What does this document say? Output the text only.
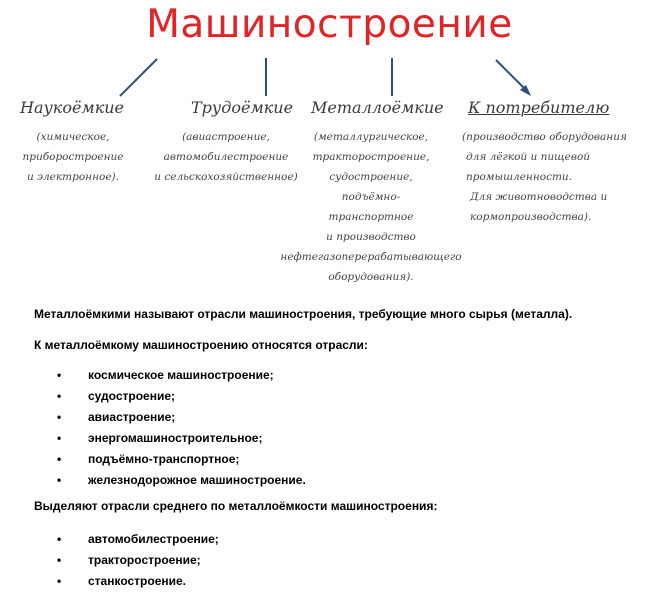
Машиностроение
Наукоёмкие	Трудоёмкие Металлоёмкие К потребителю
(химическое,
приборостроение
и электронное).
(авиастроение,
автомобилестроение
и сельскохозяйственное)
(металлургическое,
тракторостроение,
судостроение,
подъёмно-
транспортное
и производство
нефтегазоперерабатывающего
оборудования).
(производство оборудования
для лёгкой и пищевой
промышленности.
Для животноводства и
кормопроизводства).
Металлоёмкими называют отрасли машиностроения, требующие много сырья (металла).
К металлоёмкому машиностроению относятся отрасли:
• космическое машиностроение;
• судостроение;
• авиастроение;
• энергомашиностроительное;
• подъёмно-транспортное;
• железнодорожное машиностроение.
Выделяют отрасли среднего по металлоёмкости машиностроения:
• автомобилестроение;
• тракторостроение;
• станкостроение.
